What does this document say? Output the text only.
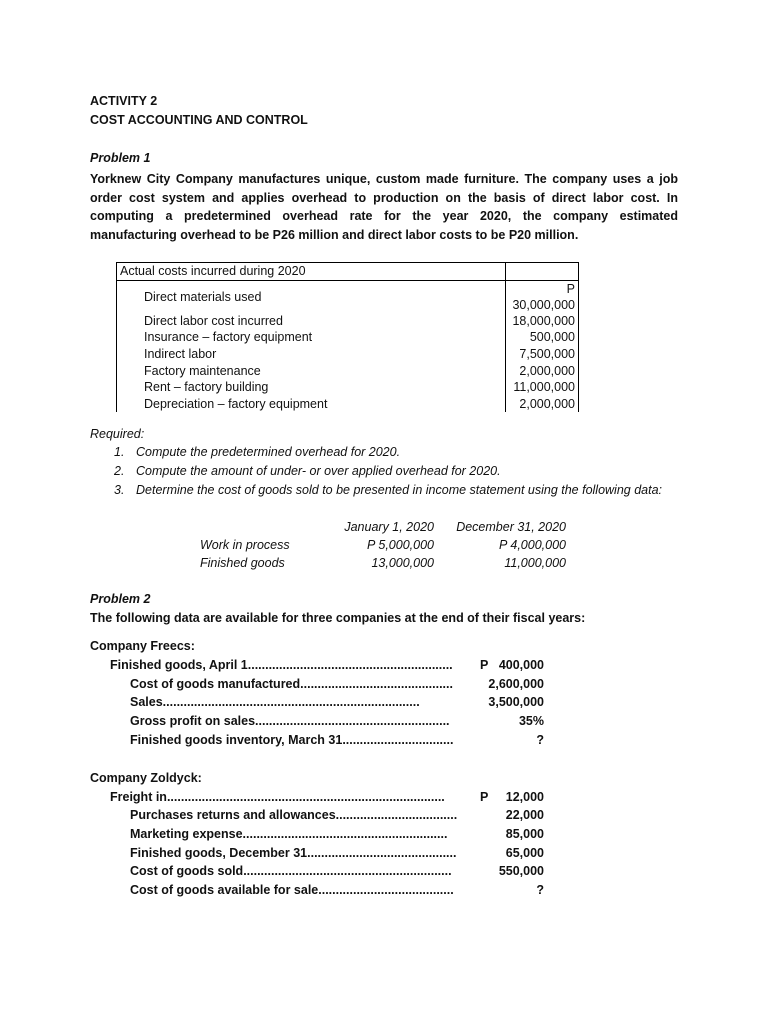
ACTIVITY 2
COST ACCOUNTING AND CONTROL
Problem 1
Yorknew City Company manufactures unique, custom made furniture. The company uses a job order cost system and applies overhead to production on the basis of direct labor cost. In computing a predetermined overhead rate for the year 2020, the company estimated manufacturing overhead to be P26 million and direct labor costs to be P20 million.
Actual costs incurred during 2020	
Direct materials used	P 30,000,000
Direct labor cost incurred	18,000,000
Insurance – factory equipment	500,000
Indirect labor	7,500,000
Factory maintenance	2,000,000
Rent – factory building	11,000,000
Depreciation – factory equipment	2,000,000
Required:
1. Compute the predetermined overhead for 2020.
2. Compute the amount of under- or over applied overhead for 2020.
3. Determine the cost of goods sold to be presented in income statement using the following data:
January 1, 2020	December 31, 2020
Work in process	P 5,000,000	P 4,000,000
Finished goods	13,000,000	11,000,000
Problem 2
The following data are available for three companies at the end of their fiscal years:
Company Freecs:
Finished goods, April 1........................................................... P 400,000
Cost of goods manufactured............................................	2,600,000
Sales..........................................................................	3,500,000
Gross profit on sales........................................................	35%
Finished goods inventory, March 31................................	?
Company Zoldyck:
Freight in................................................................................	P	12,000
Purchases returns and allowances...................................	22,000
Marketing expense...........................................................	85,000
Finished goods, December 31...........................................	65,000
Cost of goods sold............................................................	550,000
Cost of goods available for sale.......................................	?
